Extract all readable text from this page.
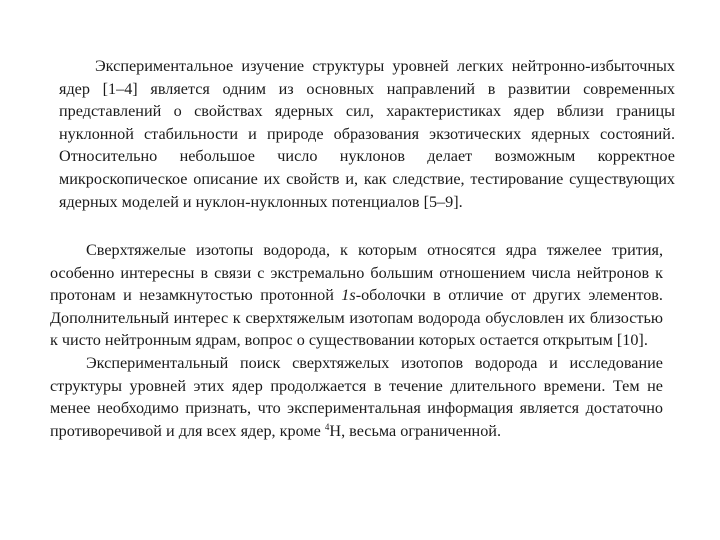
Экспериментальное изучение структуры уровней легких нейтронно-избыточных ядер [1–4] является одним из основных направлений в развитии современных представлений о свойствах ядерных сил, характеристиках ядер вблизи границы нуклонной стабильности и природе образования экзотических ядерных состояний. Относительно небольшое число нуклонов делает возможным корректное микроскопическое описание их свойств и, как следствие, тестирование существующих ядерных моделей и нуклон-нуклонных потенциалов [5–9].

Сверхтяжелые изотопы водорода, к которым относятся ядра тяжелее трития, особенно интересны в связи с экстремально большим отношением числа нейтронов к протонам и незамкнутостью протонной 1s-оболочки в отличие от других элементов. Дополнительный интерес к сверхтяжелым изотопам водорода обусловлен их близостью к чисто нейтронным ядрам, вопрос о существовании которых остается открытым [10].

Экспериментальный поиск сверхтяжелых изотопов водорода и исследование структуры уровней этих ядер продолжается в течение длительного времени. Тем не менее необходимо признать, что экспериментальная информация является достаточно противоречивой и для всех ядер, кроме $^4$H, весьма ограниченной.
